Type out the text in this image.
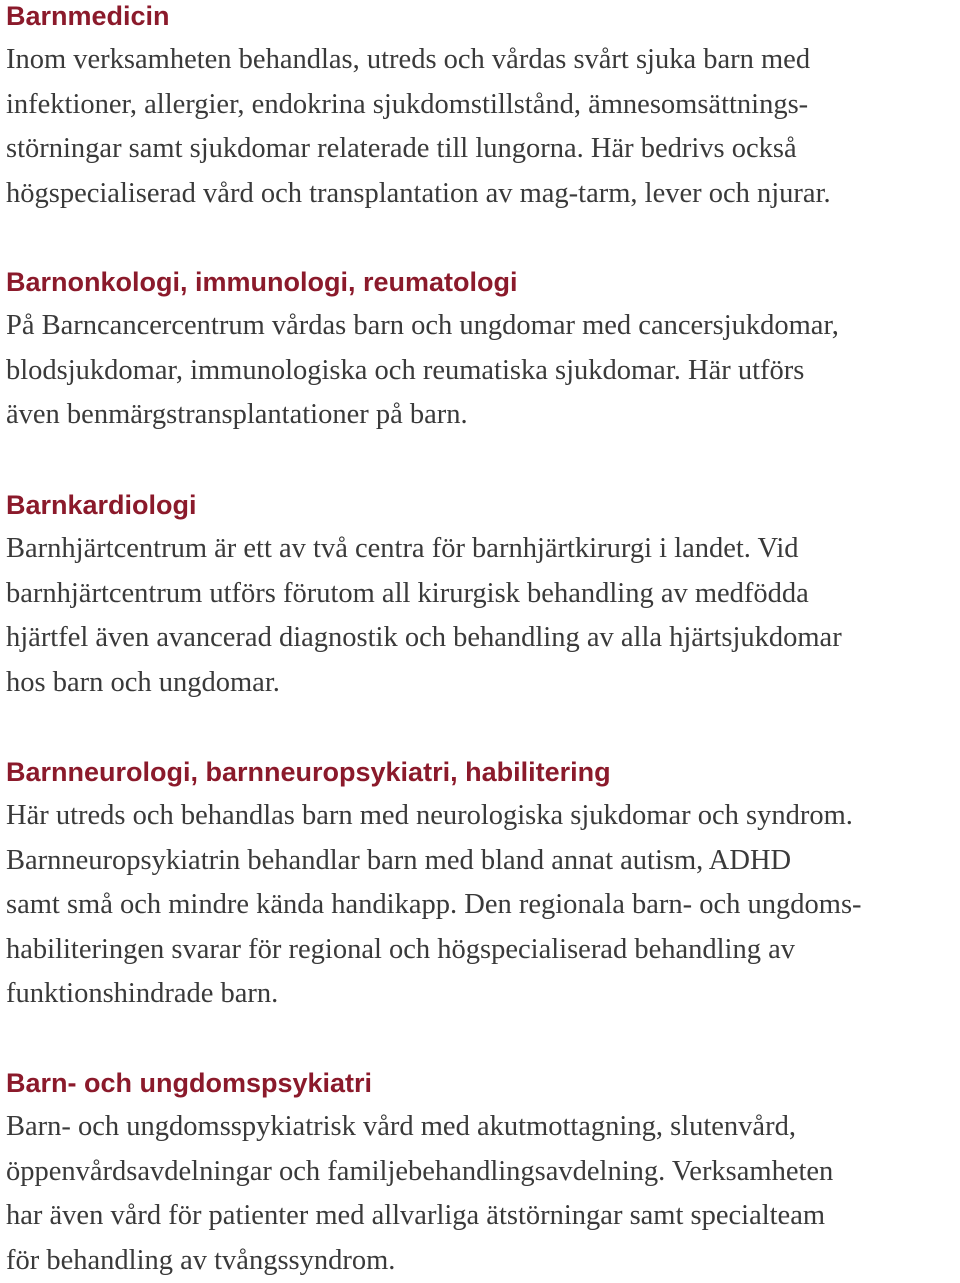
Barnmedicin
Inom verksamheten behandlas, utreds och vårdas svårt sjuka barn med
infektioner, allergier, endokrina sjukdomstillstånd, ämnesomsättnings-
störningar samt sjukdomar relaterade till lungorna. Här bedrivs också
högspecialiserad vård och transplantation av mag-tarm, lever och njurar.
Barnonkologi, immunologi, reumatologi
På Barncancercentrum vårdas barn och ungdomar med cancersjukdomar,
blodsjukdomar, immunologiska och reumatiska sjukdomar. Här utförs
även benmärgstransplantationer på barn.
Barnkardiologi
Barnhjärtcentrum är ett av två centra för barnhjärtkirurgi i landet. Vid
barnhjärtcentrum utförs förutom all kirurgisk behandling av medfödda
hjärtfel även avancerad diagnostik och behandling av alla hjärtsjukdomar
hos barn och ungdomar.
Barnneurologi, barnneuropsykiatri, habilitering
Här utreds och behandlas barn med neurologiska sjukdomar och syndrom.
Barnneuropsykiatrin behandlar barn med bland annat autism, ADHD
samt små och mindre kända handikapp. Den regionala barn- och ungdoms-
habiliteringen svarar för regional och högspecialiserad behandling av
funktionshindrade barn.
Barn- och ungdomspsykiatri
Barn- och ungdomsspykiatrisk vård med akutmottagning, slutenvård,
öppenvårdsavdelningar och familjebehandlingsavdelning. Verksamheten
har även vård för patienter med allvarliga ätstörningar samt specialteam
för behandling av tvångssyndrom.
